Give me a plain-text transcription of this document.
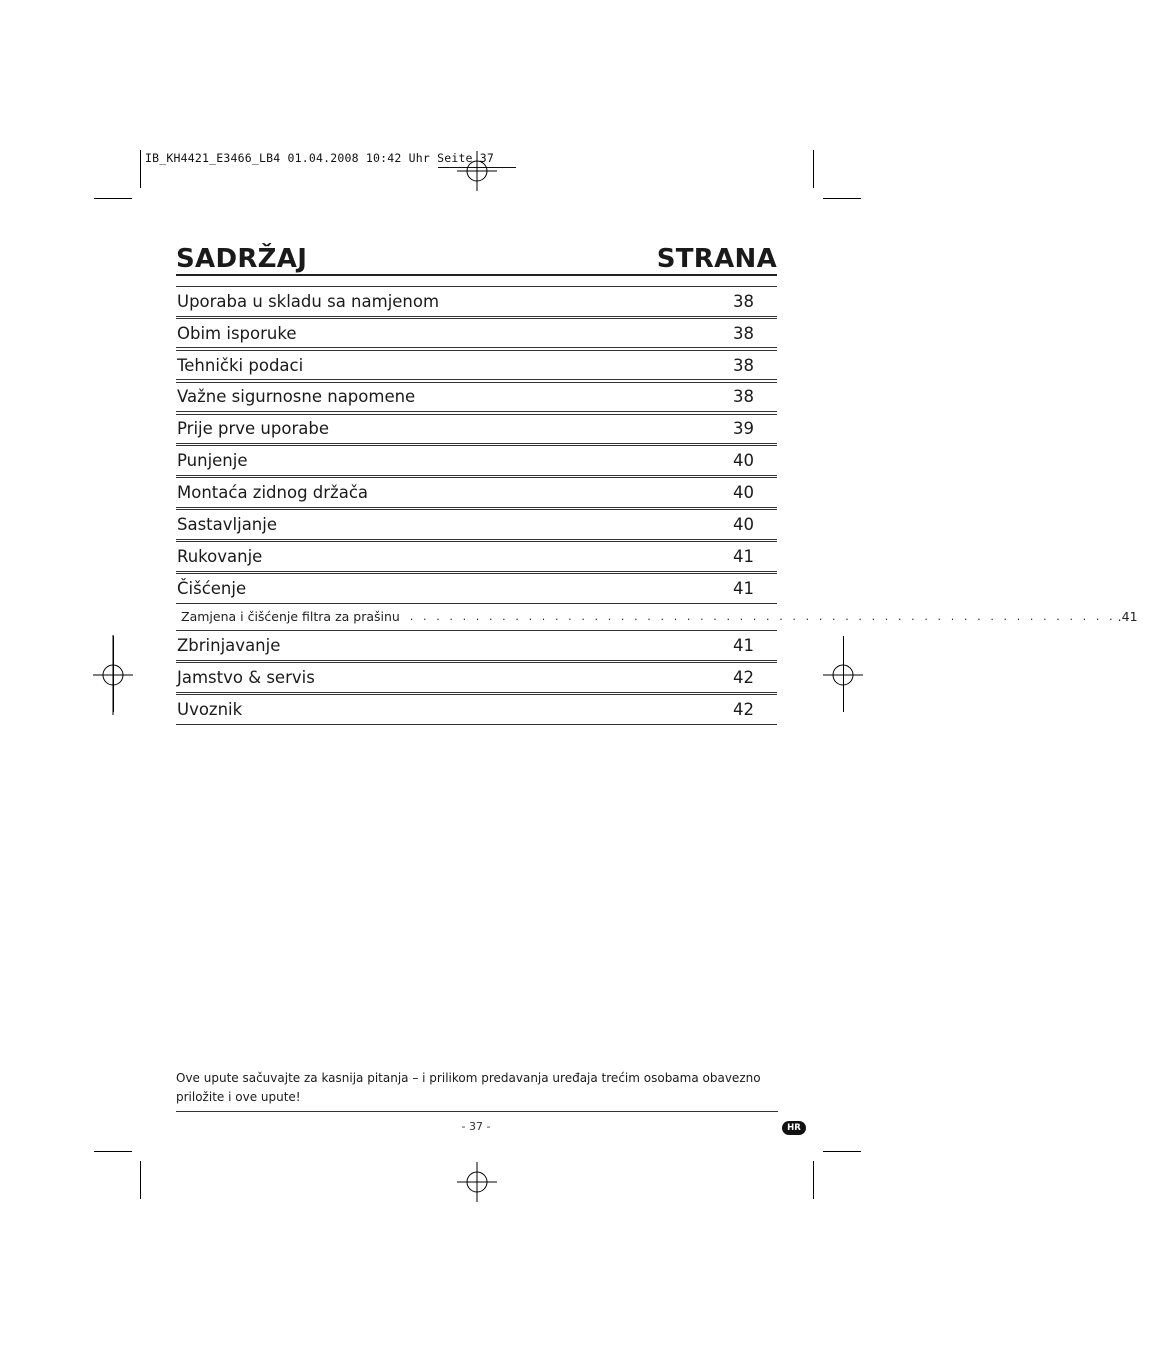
IB_KH4421_E3466_LB4 01.04.2008 10:42 Uhr Seite 37
SADRŽAJ	STRANA
Uporaba u skladu sa namjenom	38
Obim isporuke	38
Tehnički podaci	38
Važne sigurnosne napomene	38
Prije prve uporabe	39
Punjenje	40
Montaća zidnog držača	40
Sastavljanje	40
Rukovanje	41
Čišćenje	41
Zamjena i čišćenje filtra za prašinu . . . . . . . . . . . . . . . . . . . . . . . . . . . . . . . . . . . . . . . . . . . . . . . . . . . . . . .41
Zbrinjavanje	41
Jamstvo & servis	42
Uvoznik	42
Ove upute sačuvajte za kasnija pitanja – i prilikom predavanja uređaja trećim osobama obavezno priložite i ove upute!
- 37 -	HR
